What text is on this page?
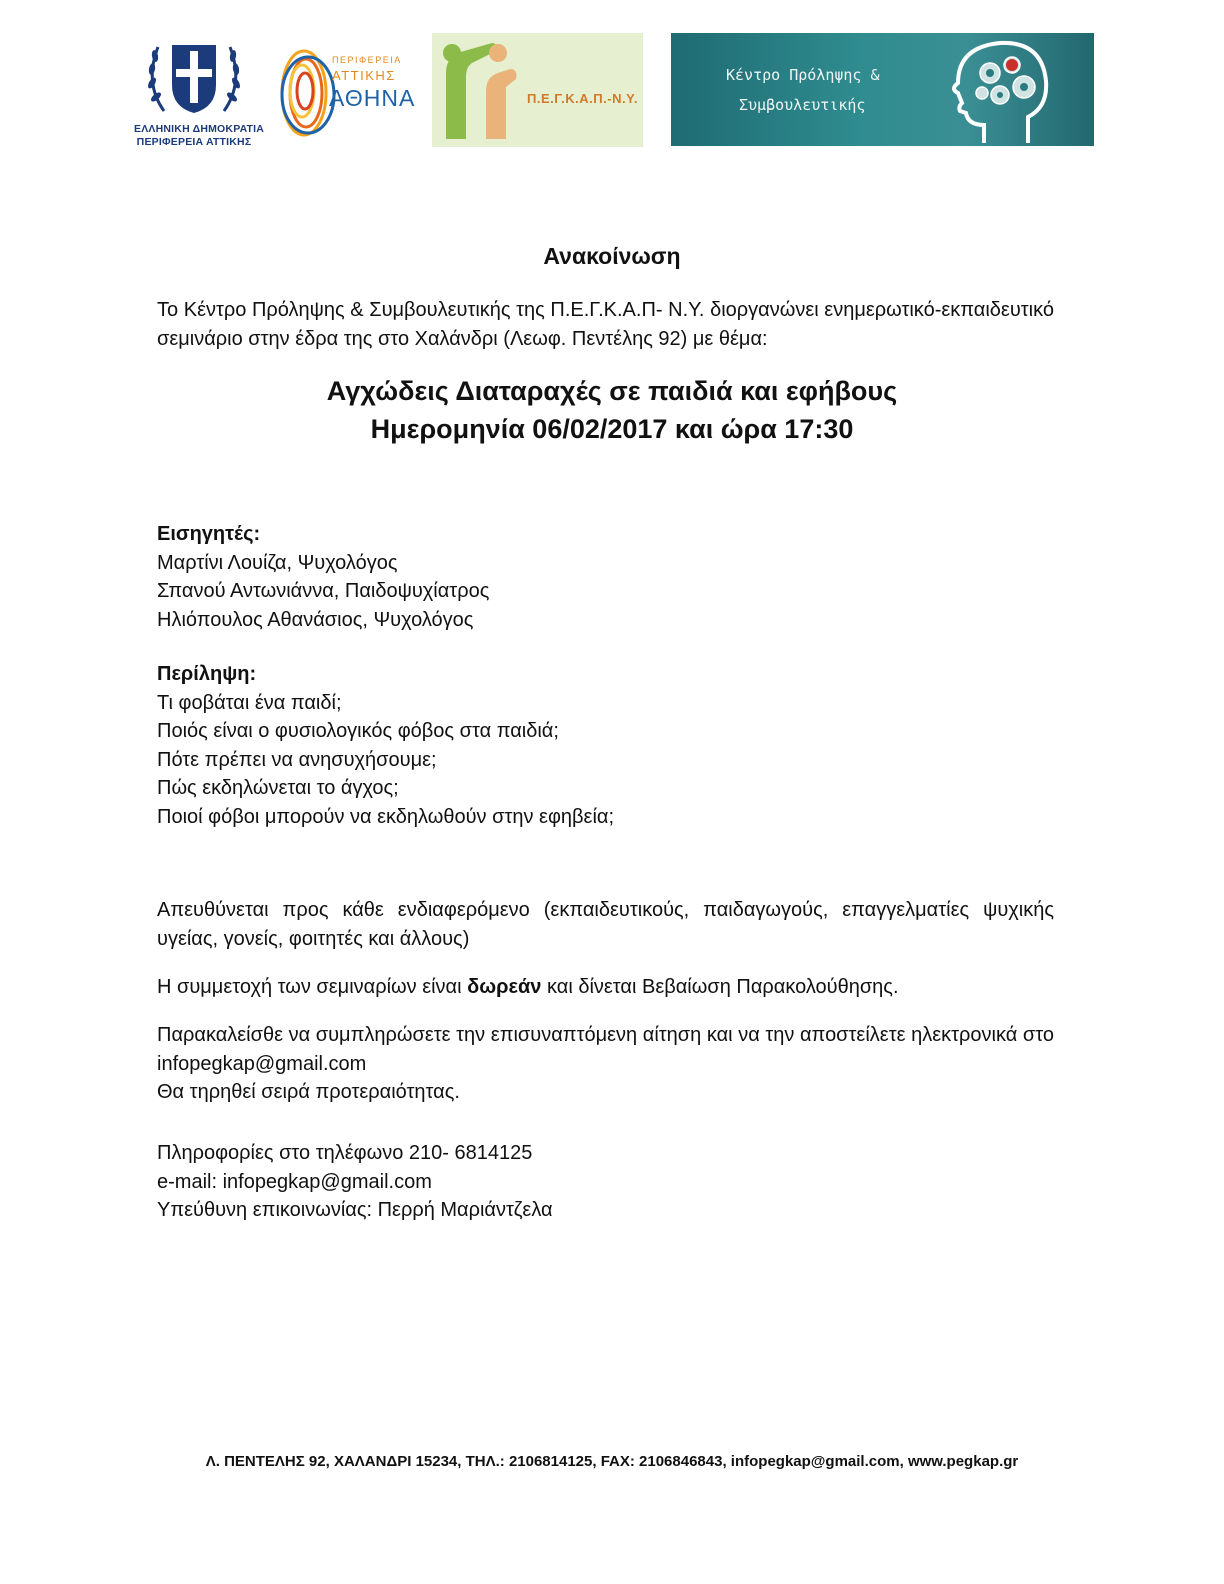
ΕΛΛΗΝΙΚΗ ΔΗΜΟΚΡΑΤΙΑ
ΠΕΡΙΦΕΡΕΙΑ ΑΤΤΙΚΗΣ
ΠΕΡΙΦΕΡΕΙΑ
ΑΤΤΙΚΗΣ
ΑΘΗΝΑ	Π.Ε.Γ.Κ.Α.Π.-Ν.Υ.
Κέντρο Πρόληψης &
Συμβουλευτικής
Ανακοίνωση
Το Κέντρο Πρόληψης & Συμβουλευτικής της Π.Ε.Γ.Κ.Α.Π- Ν.Υ. διοργανώνει ενημερωτικό-εκπαιδευτικό σεμινάριο στην έδρα της στο Χαλάνδρι (Λεωφ. Πεντέλης 92) με θέμα:
Αγχώδεις Διαταραχές σε παιδιά και εφήβους
Ημερομηνία 06/02/2017 και ώρα 17:30
Εισηγητές:
Μαρτίνι Λουίζα, Ψυχολόγος
Σπανού Αντωνιάννα, Παιδοψυχίατρος
Ηλιόπουλος Αθανάσιος, Ψυχολόγος
Περίληψη:
Τι φοβάται ένα παιδί;
Ποιός είναι ο φυσιολογικός φόβος στα παιδιά;
Πότε πρέπει να ανησυχήσουμε;
Πώς εκδηλώνεται το άγχος;
Ποιοί φόβοι μπορούν να εκδηλωθούν στην εφηβεία;
Απευθύνεται προς κάθε ενδιαφερόμενο (εκπαιδευτικούς, παιδαγωγούς, επαγγελματίες ψυχικής υγείας, γονείς, φοιτητές και άλλους)
Η συμμετοχή των σεμιναρίων είναι δωρεάν και δίνεται Βεβαίωση Παρακολούθησης.
Παρακαλείσθε να συμπληρώσετε την επισυναπτόμενη αίτηση και να την αποστείλετε ηλεκτρονικά στο infopegkap@gmail.com
Θα τηρηθεί σειρά προτεραιότητας.
Πληροφορίες στο τηλέφωνο 210- 6814125
e-mail: infopegkap@gmail.com
Υπεύθυνη επικοινωνίας: Περρή Μαριάντζελα
Λ. ΠΕΝΤΕΛΗΣ 92, ΧΑΛΑΝΔΡΙ 15234, ΤΗΛ.: 2106814125, FAX: 2106846843, infopegkap@gmail.com, www.pegkap.gr
